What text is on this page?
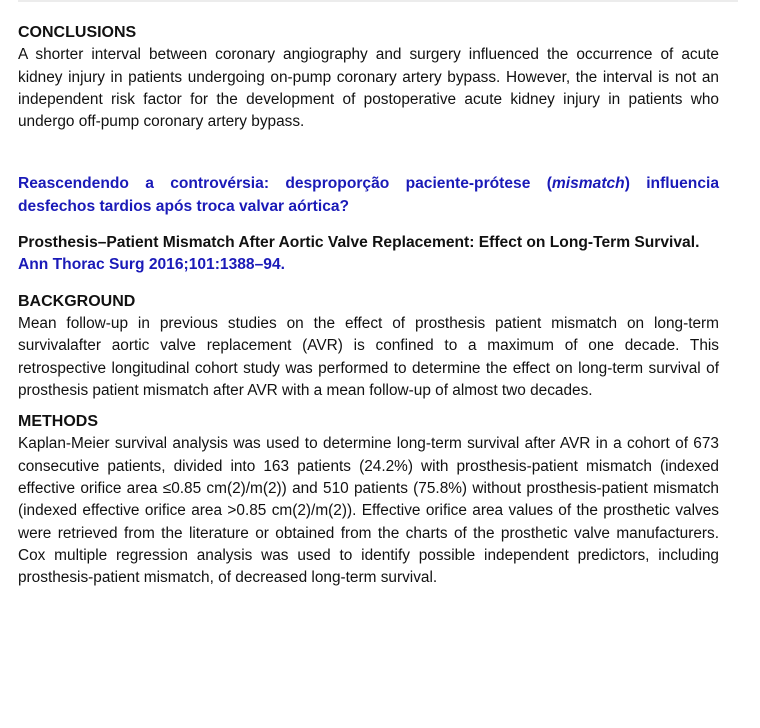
CONCLUSIONS

A shorter interval between coronary angiography and surgery influenced the occurrence of acute kidney injury in patients undergoing on-pump coronary artery bypass. However, the interval is not an independent risk factor for the development of postoperative acute kidney injury in patients who undergo off-pump coronary artery bypass.

Reascendendo a controvérsia: desproporção paciente-prótese (mismatch) influencia desfechos tardios após troca valvar aórtica?

Prosthesis–Patient Mismatch After Aortic Valve Replacement: Effect on Long-Term Survival.

Ann Thorac Surg 2016;101:1388–94.

BACKGROUND

Mean follow-up in previous studies on the effect of prosthesis patient mismatch on long-term survivalafter aortic valve replacement (AVR) is confined to a maximum of one decade. This retrospective longitudinal cohort study was performed to determine the effect on long-term survival of prosthesis patient mismatch after AVR with a mean follow-up of almost two decades.

METHODS

Kaplan-Meier survival analysis was used to determine long-term survival after AVR in a cohort of 673 consecutive patients, divided into 163 patients (24.2%) with prosthesis-patient mismatch (indexed effective orifice area ≤0.85 cm(2)/m(2)) and 510 patients (75.8%) without prosthesis-patient mismatch (indexed effective orifice area >0.85 cm(2)/m(2)). Effective orifice area values of the prosthetic valves were retrieved from the literature or obtained from the charts of the prosthetic valve manufacturers. Cox multiple regression analysis was used to identify possible independent predictors, including prosthesis-patient mismatch, of decreased long-term survival.
